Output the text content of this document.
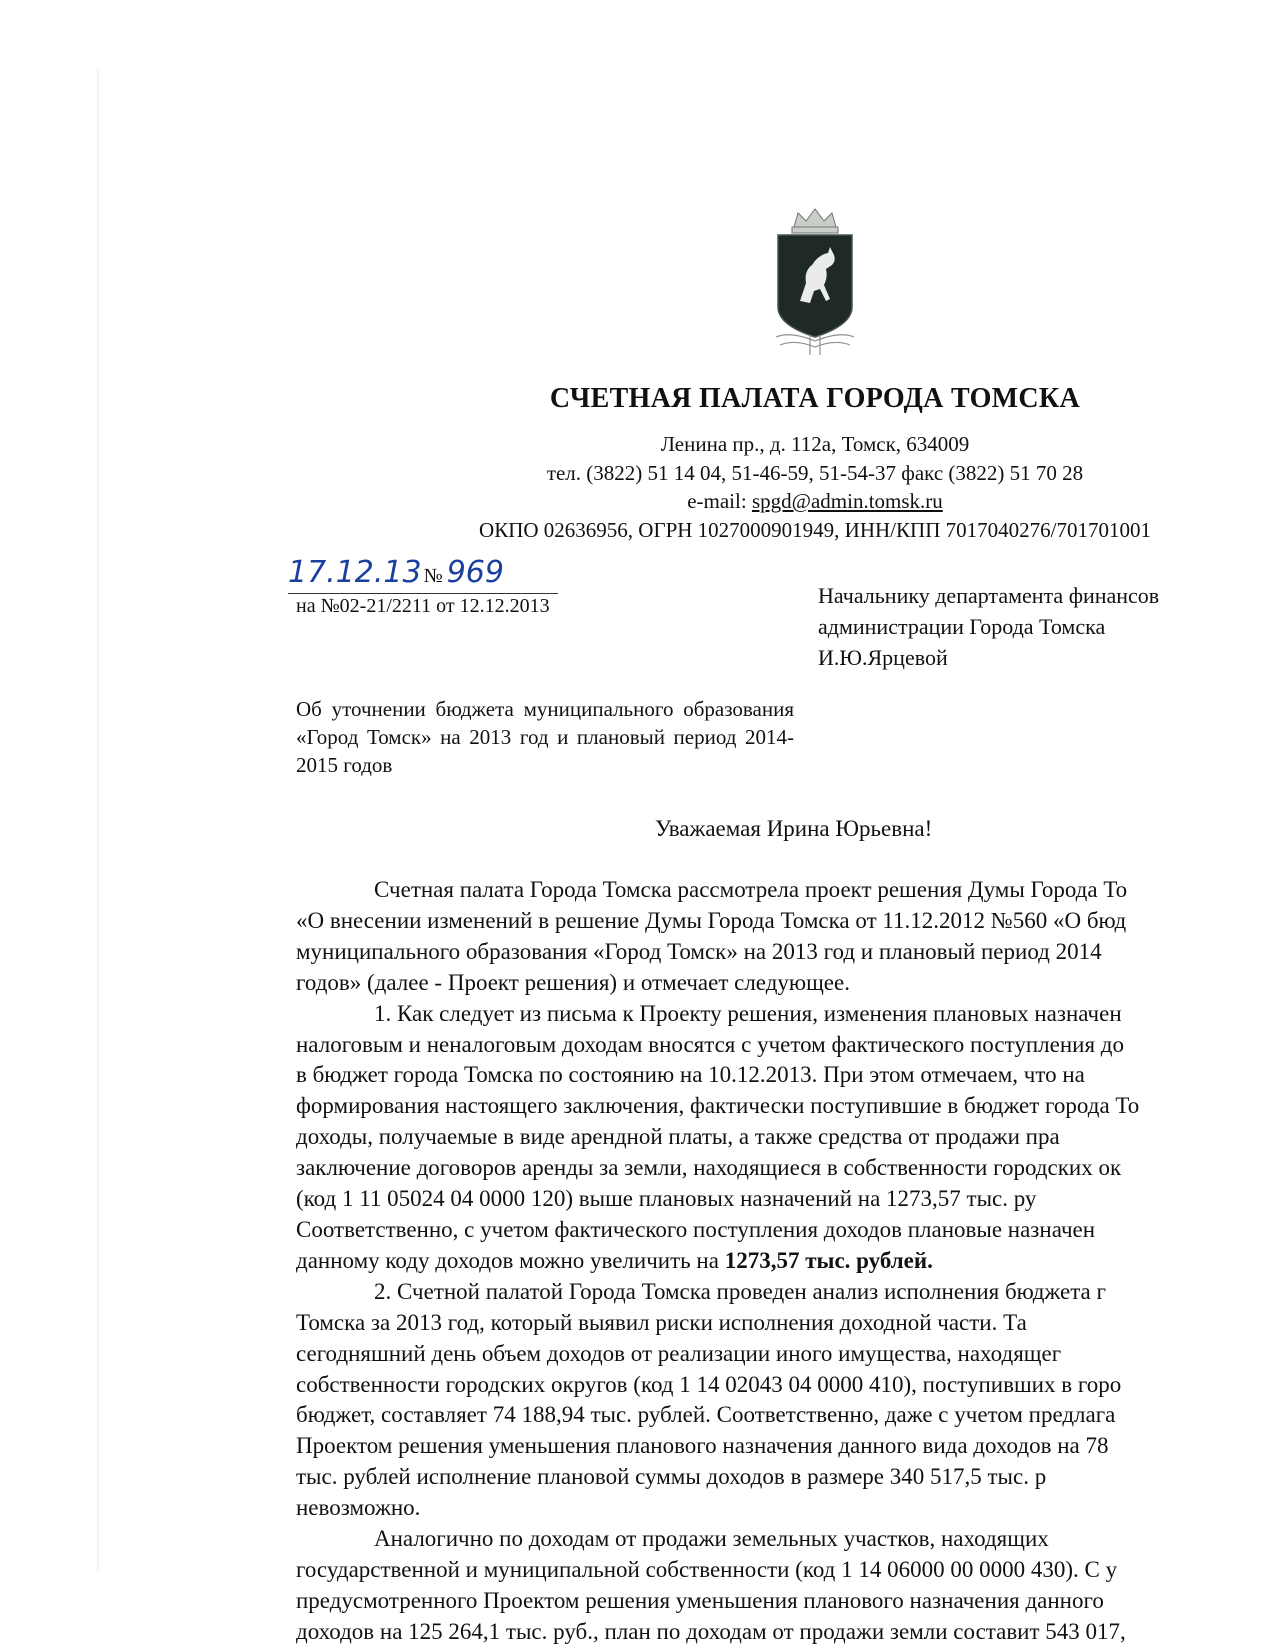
СЧЕТНАЯ ПАЛАТА ГОРОДА ТОМСКА
Ленина пр., д. 112а, Томск, 634009
тел. (3822) 51 14 04, 51-46-59, 51-54-37 факс (3822) 51 70 28
e-mail: spgd@admin.tomsk.ru
ОКПО 02636956, ОГРН 1027000901949, ИНН/КПП 7017040276/701701001
17.12.13 № 969
на №02-21/2211 от 12.12.2013	Начальнику департамента финансов
администрации Города Томска
И.Ю.Ярцевой
Об уточнении бюджета муниципального образования «Город Томск» на 2013 год и плановый период 2014-2015 годов
Уважаемая Ирина Юрьевна!

Счетная палата Города Томска рассмотрела проект решения Думы Города То

«О внесении изменений в решение Думы Города Томска от 11.12.2012 №560 «О бюд

муниципального образования «Город Томск» на 2013 год и плановый период 2014

годов» (далее - Проект решения) и отмечает следующее.

1. Как следует из письма к Проекту решения, изменения плановых назначен

налоговым и неналоговым доходам вносятся с учетом фактического поступления до

в бюджет города Томска по состоянию на 10.12.2013. При этом отмечаем, что на

формирования настоящего заключения, фактически поступившие в бюджет города То

доходы, получаемые в виде арендной платы, а также средства от продажи пра

заключение договоров аренды за земли, находящиеся в собственности городских ок

(код 1 11 05024 04 0000 120) выше плановых назначений на 1273,57 тыс. ру

Соответственно, с учетом фактического поступления доходов плановые назначен

данному коду доходов можно увеличить на 1273,57 тыс. рублей.

2. Счетной палатой Города Томска проведен анализ исполнения бюджета г

Томска за 2013 год, который выявил риски исполнения доходной части. Та

сегодняшний день объем доходов от реализации иного имущества, находящег

собственности городских округов (код 1 14 02043 04 0000 410), поступивших в горо

бюджет, составляет 74 188,94 тыс. рублей. Соответственно, даже с учетом предлага

Проектом решения уменьшения планового назначения данного вида доходов на 78

тыс. рублей исполнение плановой суммы доходов в размере 340 517,5 тыс. р

невозможно.

Аналогично по доходам от продажи земельных участков, находящих

государственной и муниципальной собственности (код 1 14 06000 00 0000 430). С у

предусмотренного Проектом решения уменьшения планового назначения данного

доходов на 125 264,1 тыс. руб., план по доходам от продажи земли составит 543 017,
